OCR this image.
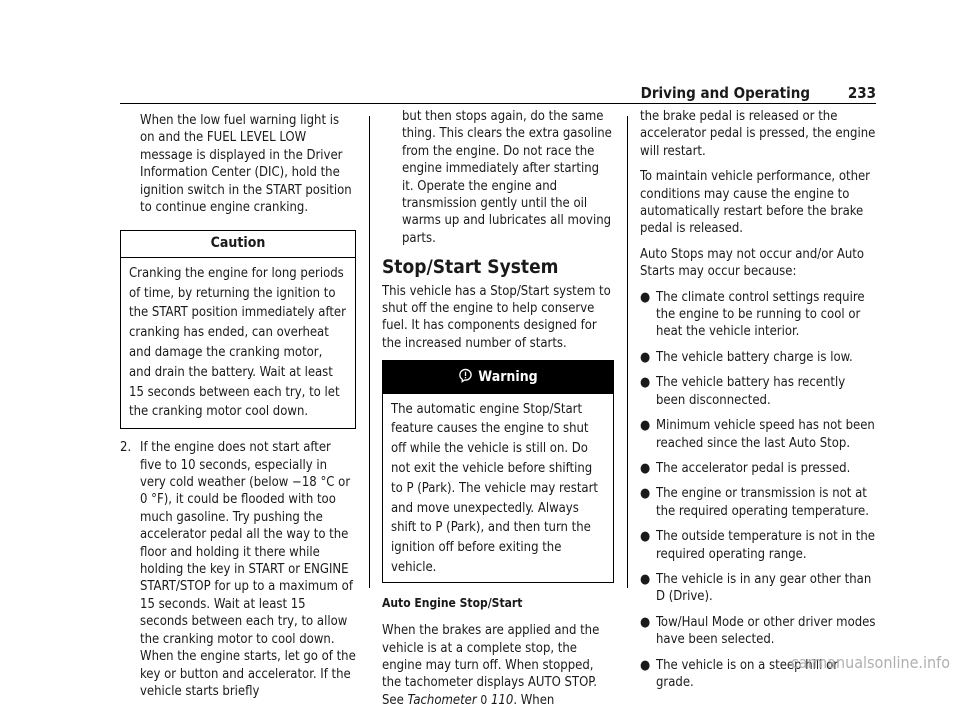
Driving and Operating	233

When the low fuel warning light is on and the FUEL LEVEL LOW message is displayed in the Driver Information Center (DIC), hold the ignition switch in the START position to continue engine cranking.

Caution
Cranking the engine for long periods of time, by returning the ignition to the START position immediately after cranking has ended, can overheat and damage the cranking motor, and drain the battery. Wait at least 15 seconds between each try, to let the cranking motor cool down.
2. If the engine does not start after five to 10 seconds, especially in very cold weather (below −18 °C or 0 °F), it could be flooded with too much gasoline. Try pushing the accelerator pedal all the way to the floor and holding it there while holding the key in START or ENGINE START/STOP for up to a maximum of 15 seconds. Wait at least 15 seconds between each try, to allow the cranking motor to cool down. When the engine starts, let go of the key or button and accelerator. If the vehicle starts briefly

but then stops again, do the same thing. This clears the extra gasoline from the engine. Do not race the engine immediately after starting it. Operate the engine and transmission gently until the oil warms up and lubricates all moving parts.

Stop/Start System

This vehicle has a Stop/Start system to shut off the engine to help conserve fuel. It has components designed for the increased number of starts.

Warning
The automatic engine Stop/Start feature causes the engine to shut off while the vehicle is still on. Do not exit the vehicle before shifting to P (Park). The vehicle may restart and move unexpectedly. Always shift to P (Park), and then turn the ignition off before exiting the vehicle.
Auto Engine Stop/Start

When the brakes are applied and the vehicle is at a complete stop, the engine may turn off. When stopped, the tachometer displays AUTO STOP. See Tachometer 0 110. When

the brake pedal is released or the accelerator pedal is pressed, the engine will restart.

To maintain vehicle performance, other conditions may cause the engine to automatically restart before the brake pedal is released.

Auto Stops may not occur and/or Auto Starts may occur because:

● The climate control settings require the engine to be running to cool or heat the vehicle interior.
● The vehicle battery charge is low.
● The vehicle battery has recently been disconnected.
● Minimum vehicle speed has not been reached since the last Auto Stop.
● The accelerator pedal is pressed.
● The engine or transmission is not at the required operating temperature.
● The outside temperature is not in the required operating range.
● The vehicle is in any gear other than D (Drive).
● Tow/Haul Mode or other driver modes have been selected.
● The vehicle is on a steep hill or grade.
carmanualsonline.info
